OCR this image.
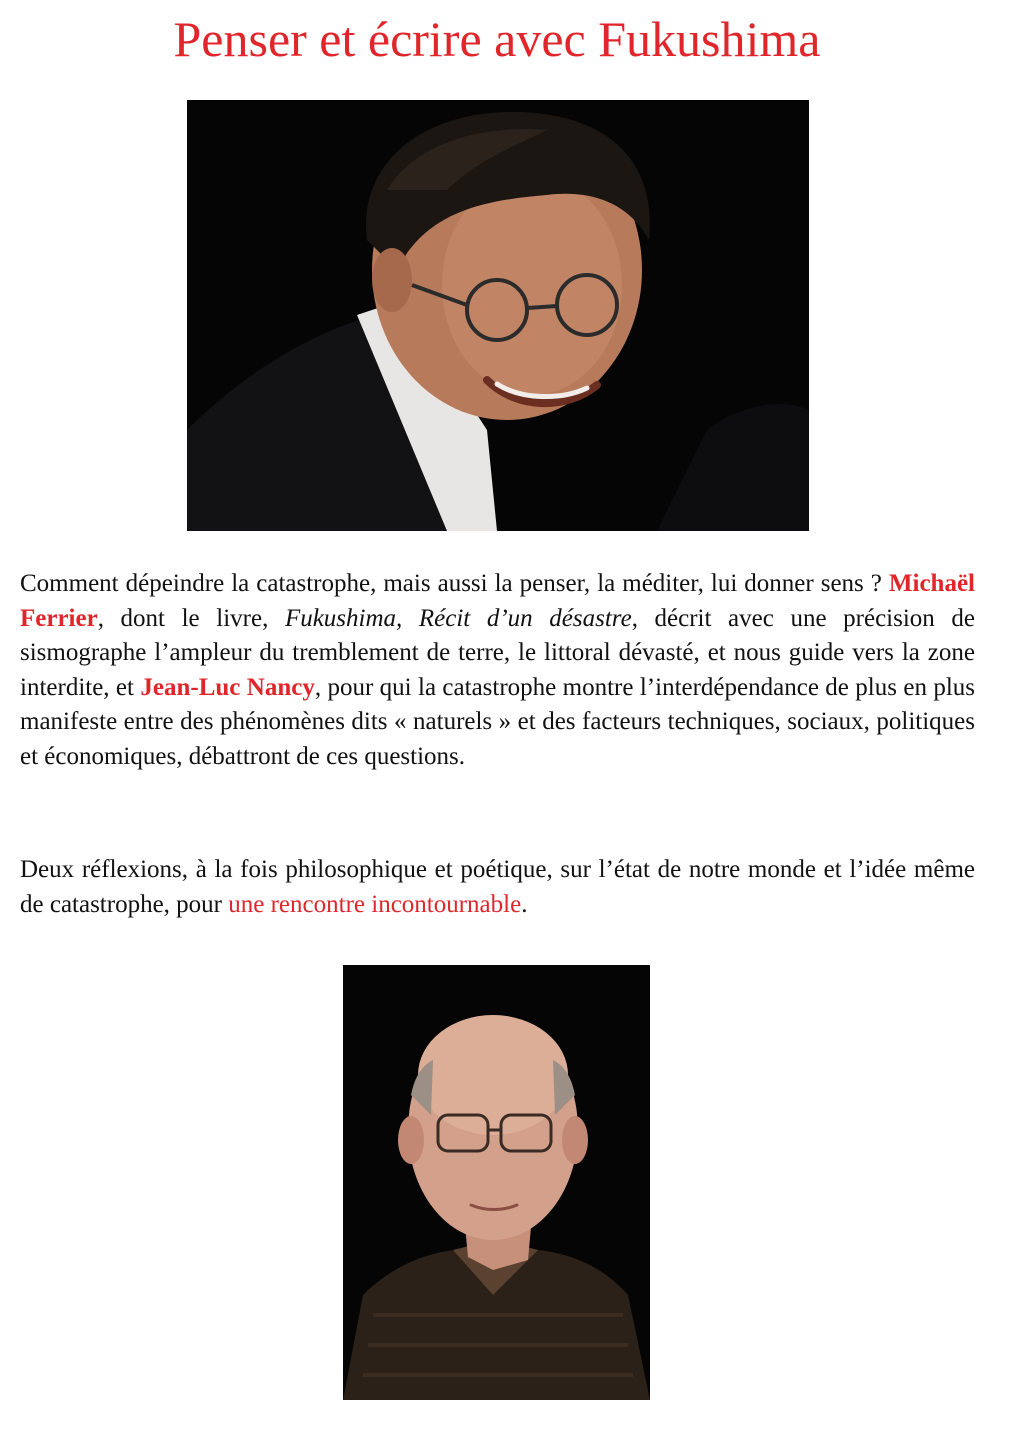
Penser et écrire avec Fukushima

Comment dépeindre la catastrophe, mais aussi la penser, la méditer, lui donner sens ? Michaël Ferrier, dont le livre, Fukushima, Récit d’un désastre, décrit avec une précision de sismographe l’ampleur du tremblement de terre, le littoral dévasté, et nous guide vers la zone interdite, et Jean-Luc Nancy, pour qui la catastrophe montre l’interdépendance de plus en plus manifeste entre des phénomènes dits « naturels » et des facteurs techniques, sociaux, politiques et économiques, débattront de ces questions.

Deux réflexions, à la fois philosophique et poétique, sur l’état de notre monde et l’idée même de catastrophe, pour une rencontre incontournable.
